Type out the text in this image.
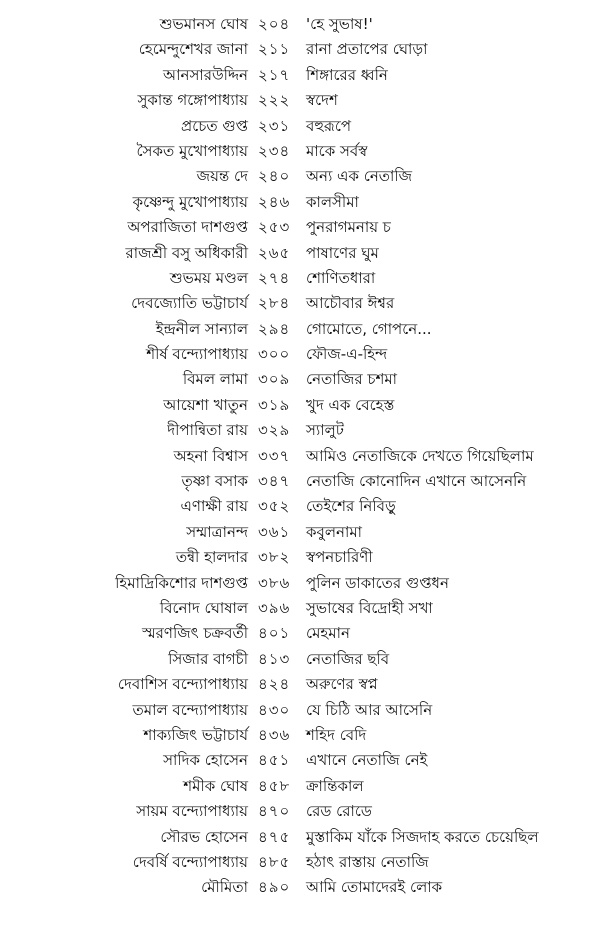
শুভমানস ঘোষ ২০৪	'হে সুভাষ!'
হেমেন্দুশেখর জানা ২১১	রানা প্রতাপের ঘোড়া
আনসারউদ্দিন ২১৭	শিঙ্গারের ধ্বনি
সুকান্ত গঙ্গোপাধ্যায় ২২২	স্বদেশ
প্রচেত গুপ্ত ২৩১	বহুরূপে
সৈকত মুখোপাধ্যায় ২৩৪	মাকে সর্বস্ব
জয়ন্ত দে ২৪০	অন্য এক নেতাজি
কৃষ্ণেন্দু মুখোপাধ্যায় ২৪৬	কালসীমা
অপরাজিতা দাশগুপ্ত ২৫৩	পুনরাগমনায় চ
রাজশ্রী বসু অধিকারী ২৬৫	পাষাণের ঘুম
শুভময় মণ্ডল ২৭৪	শোণিতধারা
দেবজ্যোতি ভট্টাচার্য ২৮৪	আচৌবার ঈশ্বর
ইন্দ্রনীল সান্যাল ২৯৪	গোমোতে, গোপনে...
শীর্ষ বন্দ্যোপাধ্যায় ৩০০	ফৌজ-এ-হিন্দ
বিমল লামা ৩০৯	নেতাজির চশমা
আয়েশা খাতুন ৩১৯	খুদ এক বেহেস্ত
দীপান্বিতা রায় ৩২৯	স্যালুট
অহনা বিশ্বাস ৩৩৭	আমিও নেতাজিকে দেখতে গিয়েছিলাম
তৃষ্ণা বসাক ৩৪৭	নেতাজি কোনোদিন এখানে আসেননি
এণাক্ষী রায় ৩৫২	তেইশের নিবিড়ু
সম্মাত্রানন্দ ৩৬১	কবুলনামা
তন্বী হালদার ৩৮২	স্বপনচারিণী
হিমাদ্রিকিশোর দাশগুপ্ত ৩৮৬	পুলিন ডাকাতের গুপ্তধন
বিনোদ ঘোষাল ৩৯৬	সুভাষের বিদ্রোহী সখা
স্মরণজিৎ চক্রবর্তী ৪০১	মেহমান
সিজার বাগচী ৪১৩	নেতাজির ছবি
দেবাশিস বন্দ্যোপাধ্যায় ৪২৪	অরুণের স্বপ্ন
তমাল বন্দ্যোপাধ্যায় ৪৩০	যে চিঠি আর আসেনি
শাক্যজিৎ ভট্টাচার্য ৪৩৬	শহিদ বেদি
সাদিক হোসেন ৪৫১	এখানে নেতাজি নেই
শমীক ঘোষ ৪৫৮	ক্রান্তিকাল
সায়ম বন্দ্যোপাধ্যায় ৪৭০	রেড রোডে
সৌরভ হোসেন ৪৭৫	মুস্তাকিম যাঁকে সিজদাহ করতে চেয়েছিল
দেবর্ষি বন্দ্যোপাধ্যায় ৪৮৫	হঠাৎ রাস্তায় নেতাজি
মৌমিতা ৪৯০	আমি তোমাদেরই লোক
